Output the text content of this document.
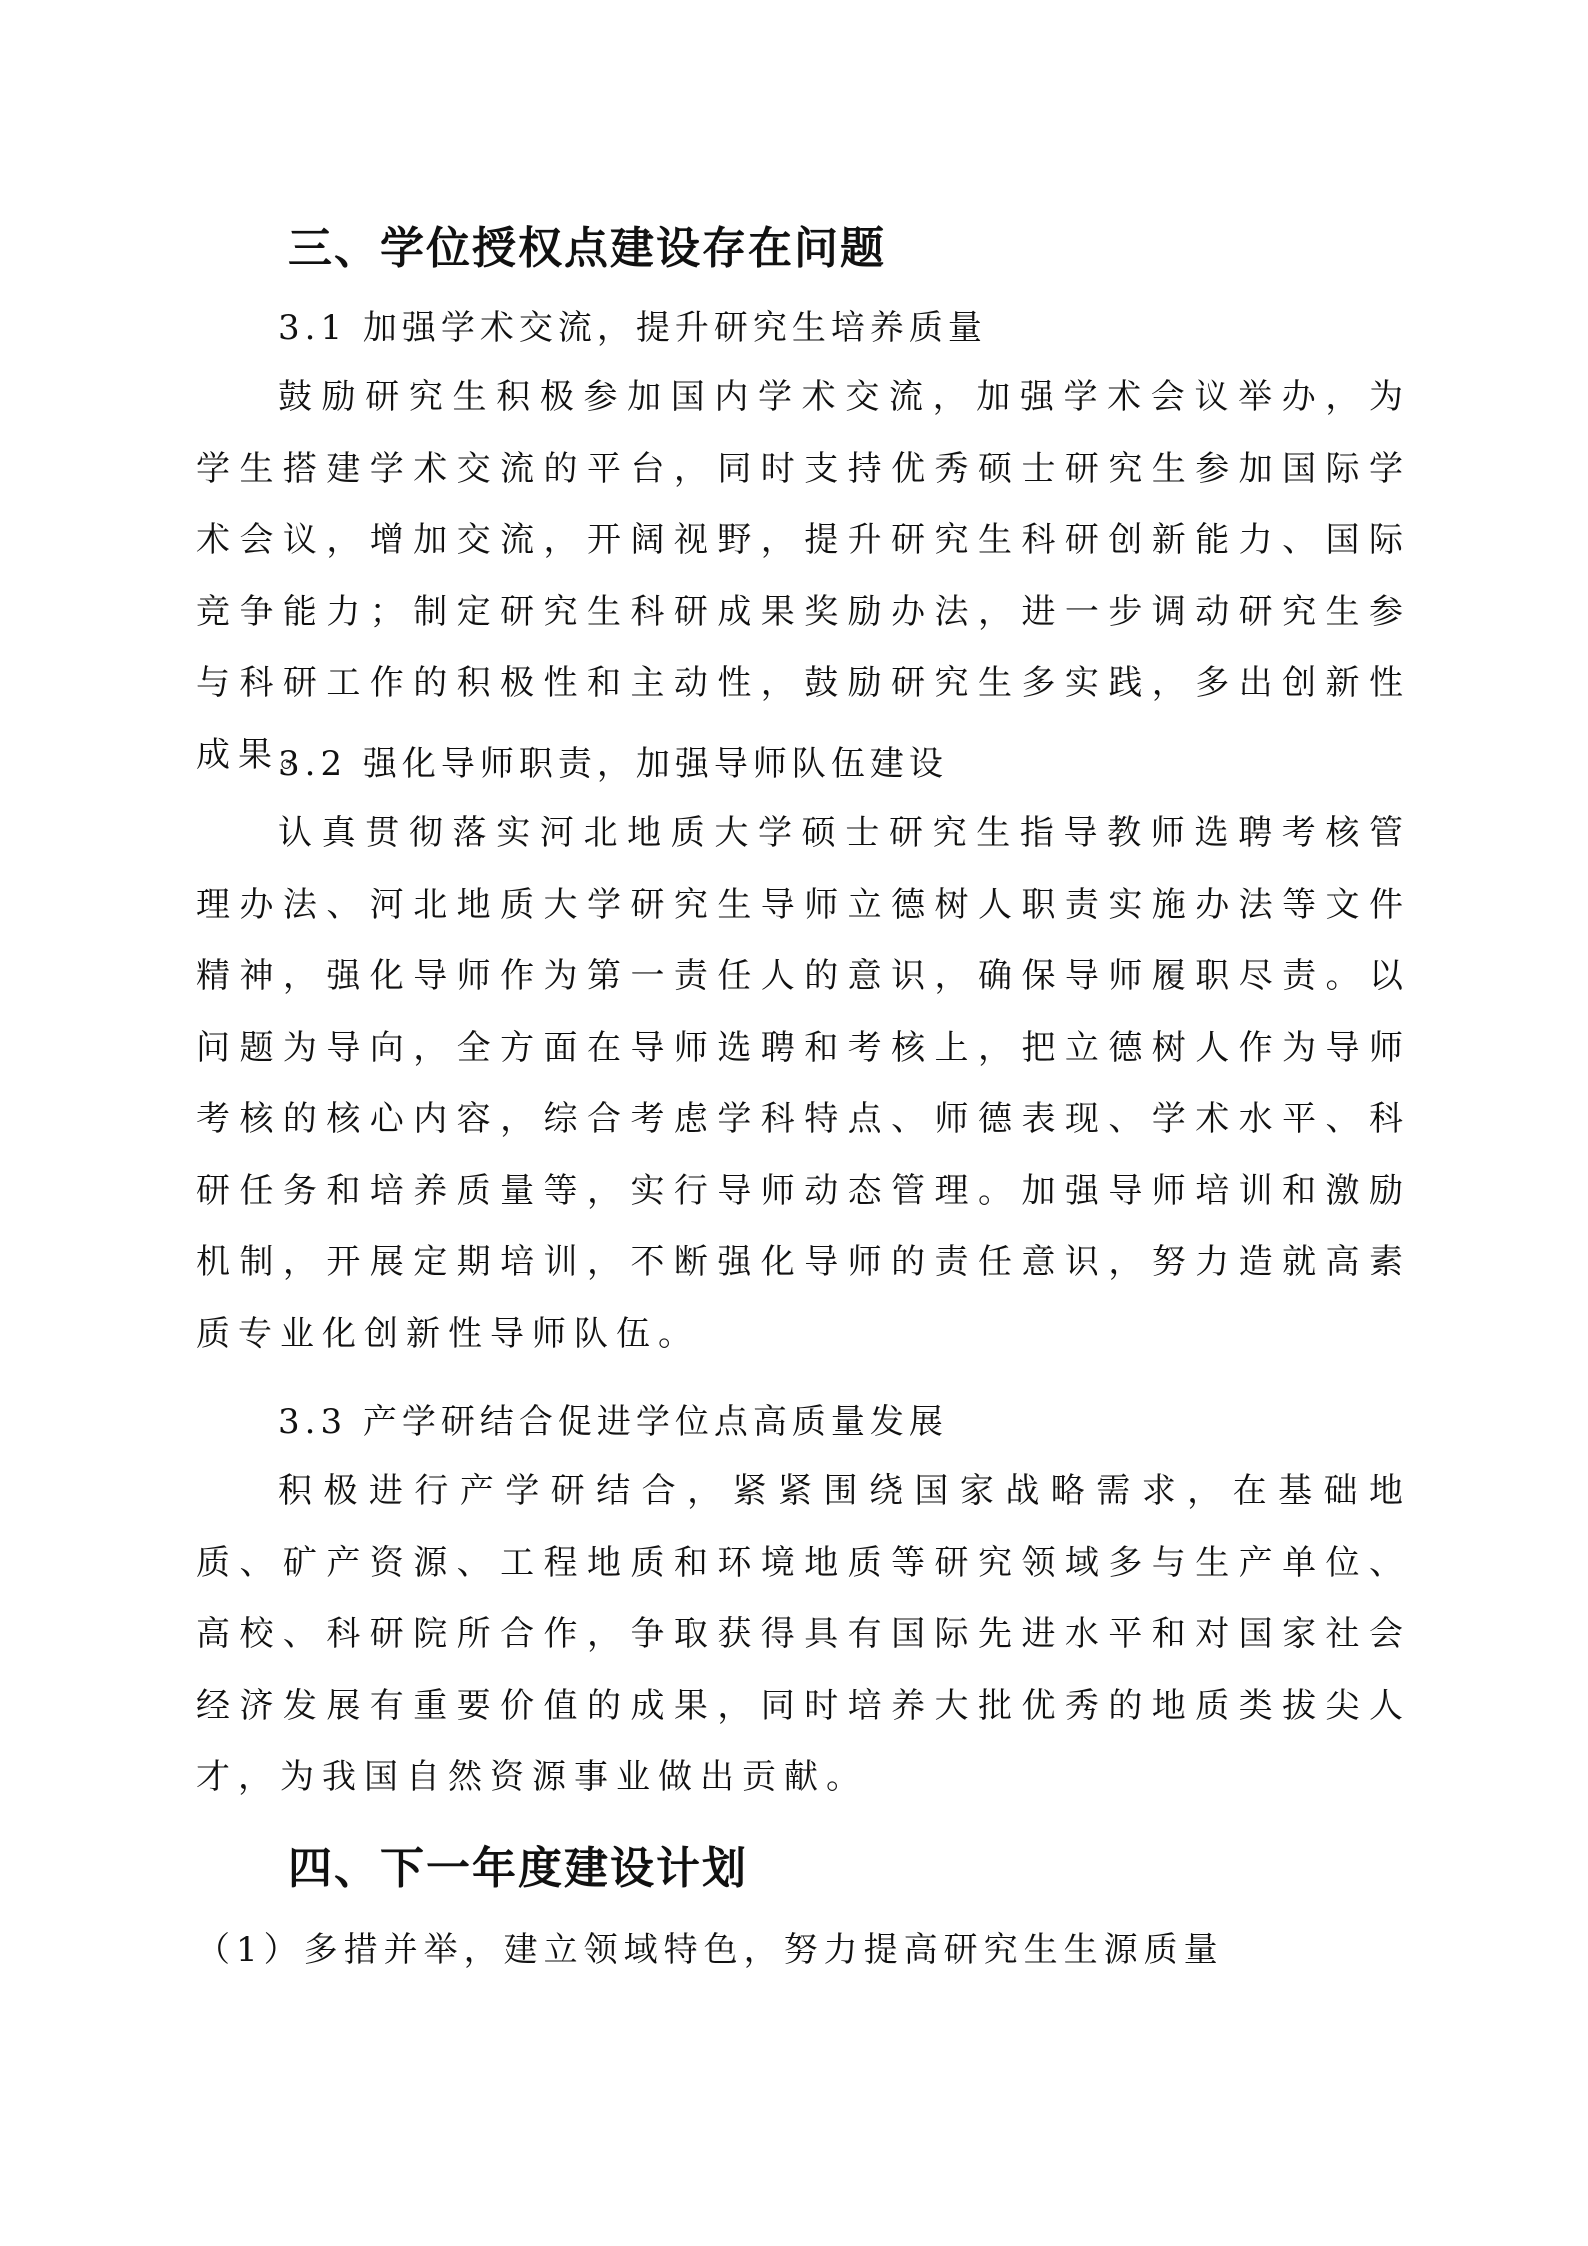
三、学位授权点建设存在问题
3.1 加强学术交流，提升研究生培养质量

鼓励研究生积极参加国内学术交流，加强学术会议举办，为学生搭建学术交流的平台，同时支持优秀硕士研究生参加国际学术会议，增加交流，开阔视野，提升研究生科研创新能力、国际竞争能力；制定研究生科研成果奖励办法，进一步调动研究生参与科研工作的积极性和主动性，鼓励研究生多实践，多出创新性成果。

3.2 强化导师职责，加强导师队伍建设

认真贯彻落实河北地质大学硕士研究生指导教师选聘考核管理办法、河北地质大学研究生导师立德树人职责实施办法等文件精神，强化导师作为第一责任人的意识，确保导师履职尽责。以问题为导向，全方面在导师选聘和考核上，把立德树人作为导师考核的核心内容，综合考虑学科特点、师德表现、学术水平、科研任务和培养质量等，实行导师动态管理。加强导师培训和激励机制，开展定期培训，不断强化导师的责任意识，努力造就高素质专业化创新性导师队伍。

3.3 产学研结合促进学位点高质量发展

积极进行产学研结合，紧紧围绕国家战略需求，在基础地质、矿产资源、工程地质和环境地质等研究领域多与生产单位、高校、科研院所合作，争取获得具有国际先进水平和对国家社会经济发展有重要价值的成果，同时培养大批优秀的地质类拔尖人才，为我国自然资源事业做出贡献。

四、下一年度建设计划
（1）多措并举，建立领域特色，努力提高研究生生源质量
